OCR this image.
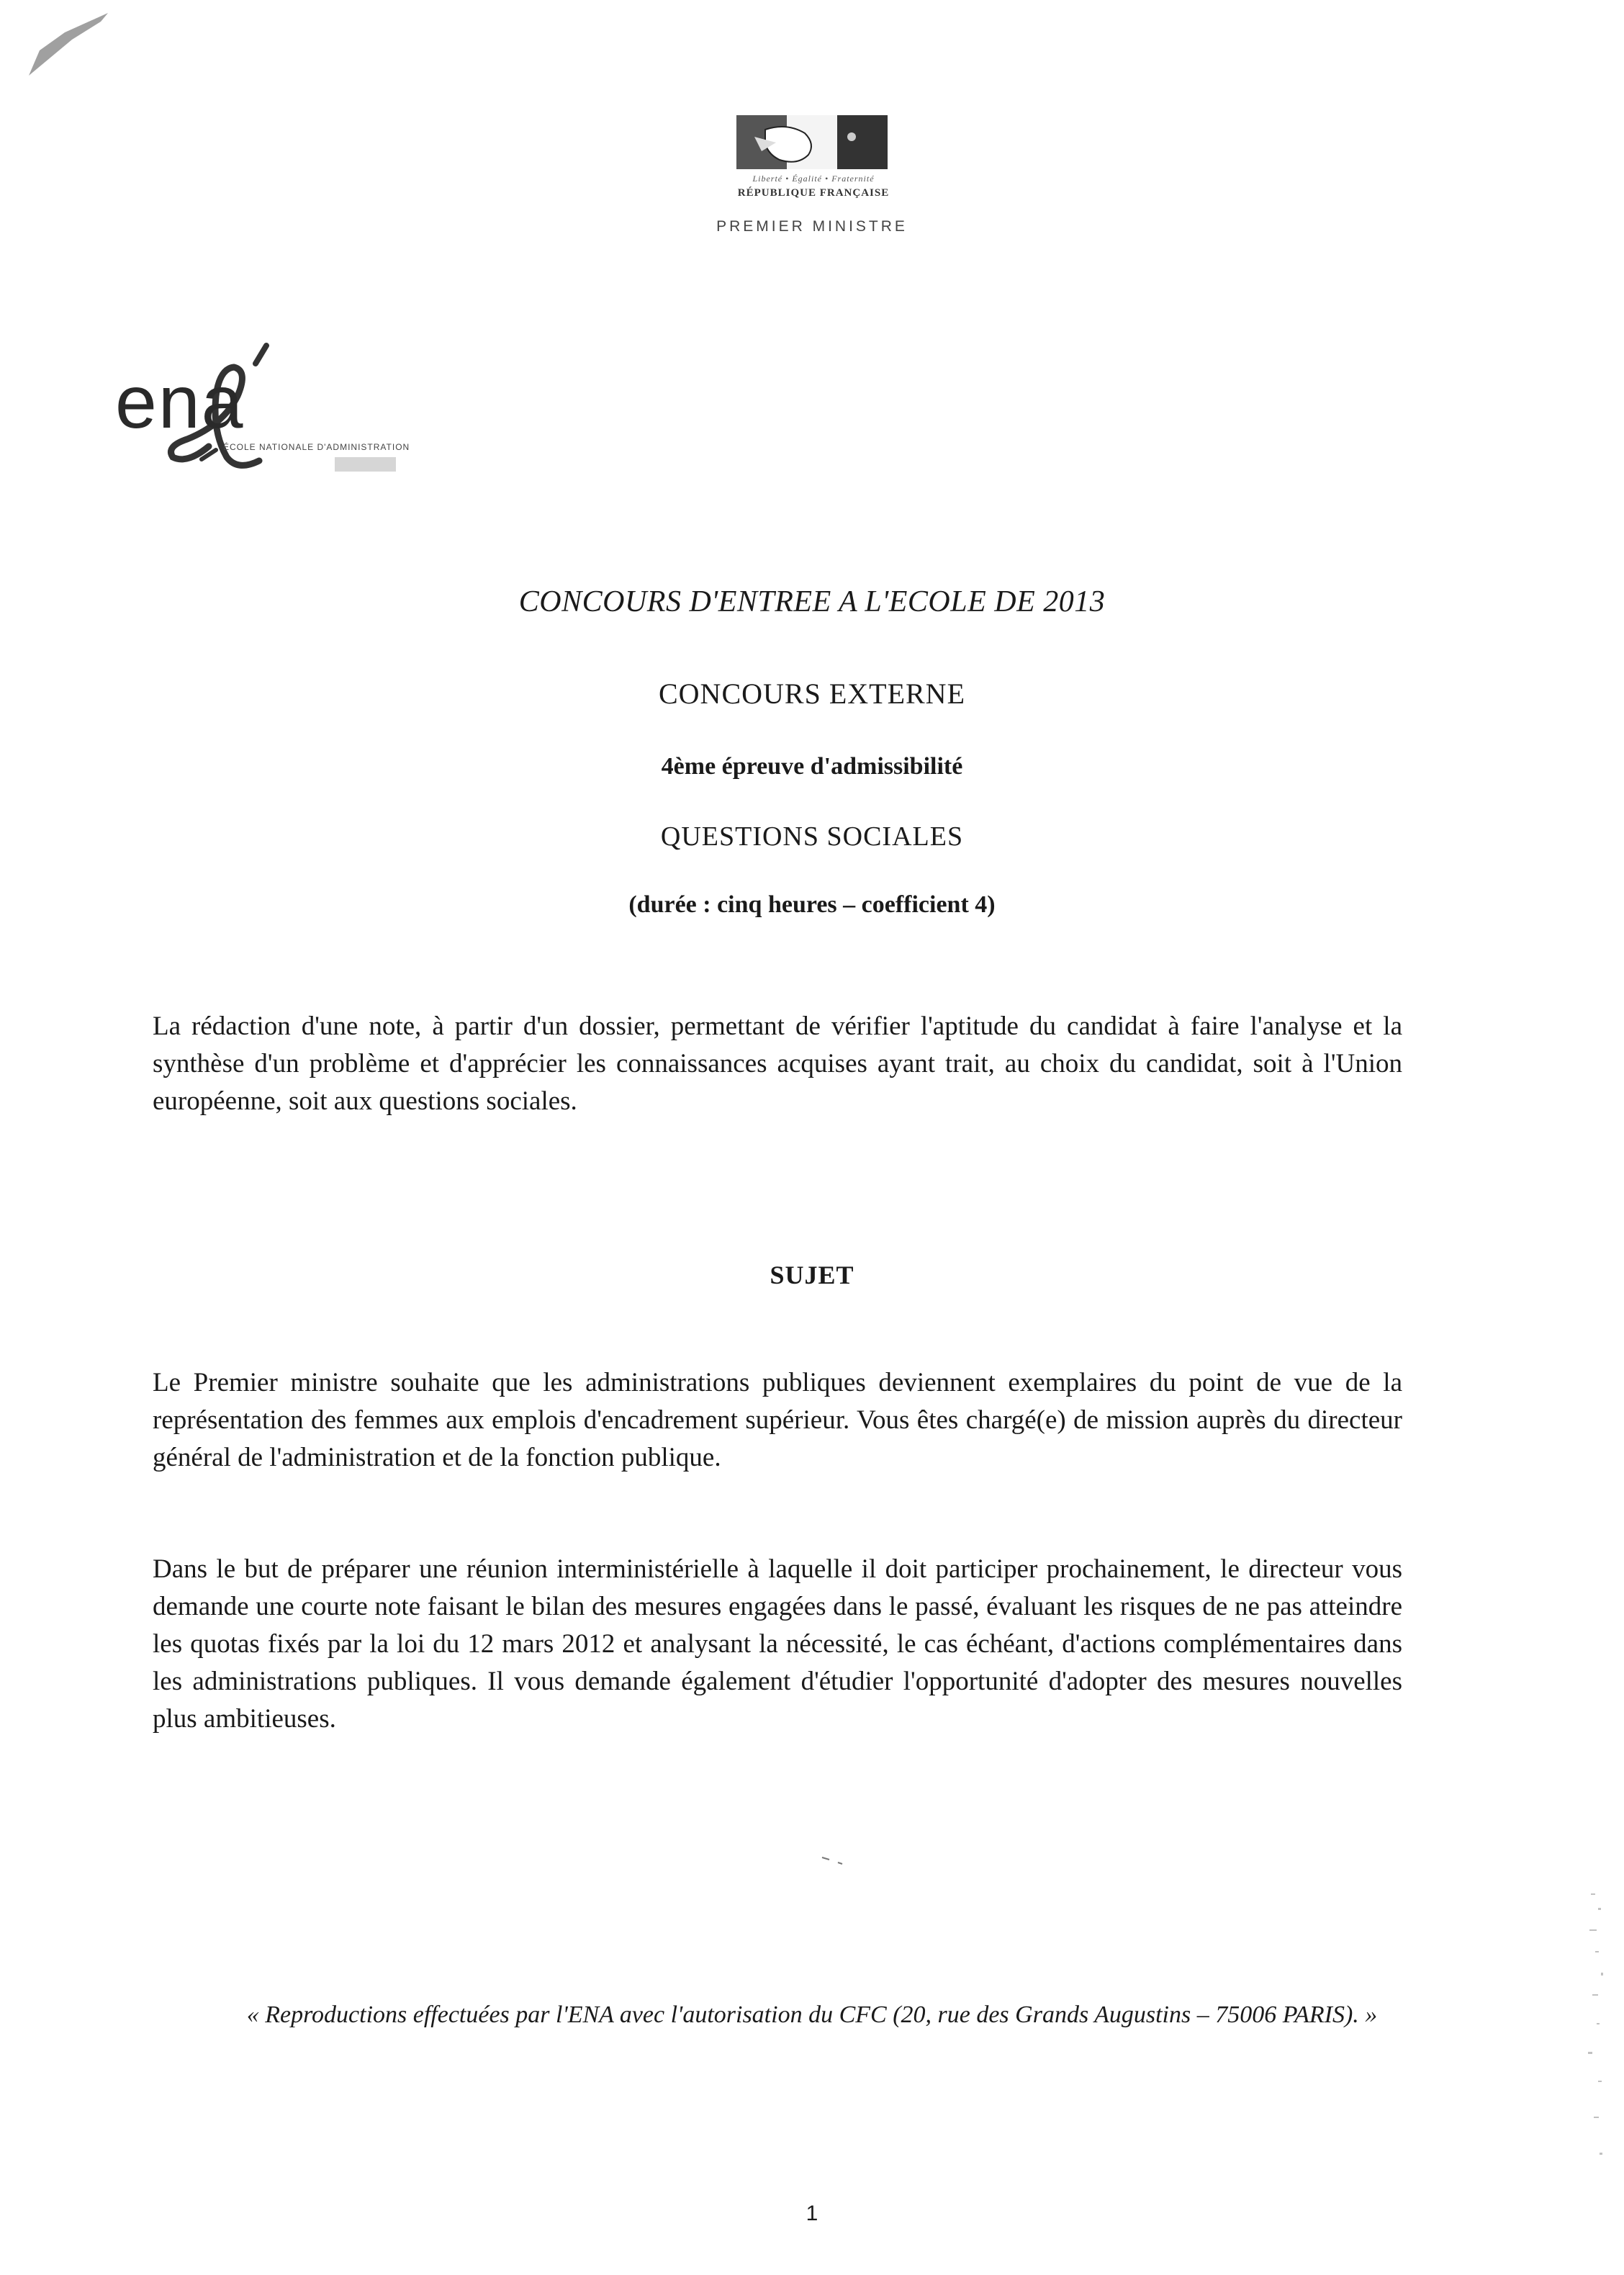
Liberté • Égalité • Fraternité
RÉPUBLIQUE FRANÇAISE
PREMIER MINISTRE
ena
ÉCOLE NATIONALE D'ADMINISTRATION
CONCOURS D'ENTREE A L'ECOLE DE 2013
CONCOURS EXTERNE
4ème épreuve d'admissibilité
QUESTIONS SOCIALES
(durée : cinq heures – coefficient 4)
La rédaction d'une note, à partir d'un dossier, permettant de vérifier l'aptitude du candidat à faire l'analyse et la synthèse d'un problème et d'apprécier les connaissances acquises ayant trait, au choix du candidat, soit à l'Union européenne, soit aux questions sociales.
SUJET
Le Premier ministre souhaite que les administrations publiques deviennent exemplaires du point de vue de la représentation des femmes aux emplois d'encadrement supérieur. Vous êtes chargé(e) de mission auprès du directeur général de l'administration et de la fonction publique.
Dans le but de préparer une réunion interministérielle à laquelle il doit participer prochainement, le directeur vous demande une courte note faisant le bilan des mesures engagées dans le passé, évaluant les risques de ne pas atteindre les quotas fixés par la loi du 12 mars 2012 et analysant la nécessité, le cas échéant, d'actions complémentaires dans les administrations publiques. Il vous demande également d'étudier l'opportunité d'adopter des mesures nouvelles plus ambitieuses.
« Reproductions effectuées par l'ENA avec l'autorisation du CFC (20, rue des Grands Augustins – 75006 PARIS). »
1
